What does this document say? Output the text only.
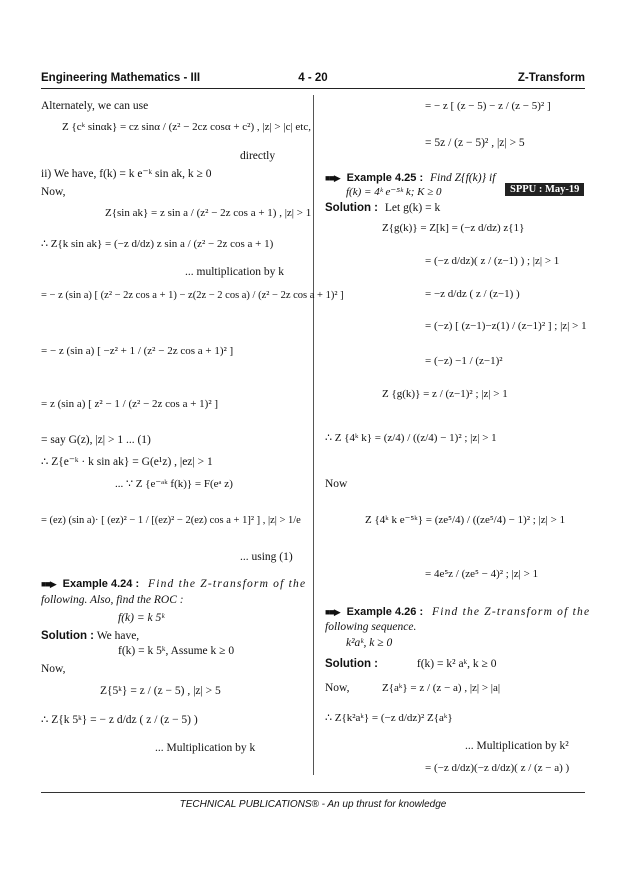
Engineering Mathematics - III	4 - 20	Z-Transform
Alternately, we can use
Z {cᵏ sinαk} = cz sinα / (z² − 2cz cosα + c²) , |z| > |c| etc,
directly
ii) We have, f(k) = k e⁻ᵏ sin ak, k ≥ 0
Now,
Z{sin ak} = z sin a / (z² − 2z cos a + 1) , |z| > 1
∴ Z{k sin ak} = (−z d/dz) z sin a / (z² − 2z cos a + 1)
... multiplication by k
= − z (sin a) [ (z² − 2z cos a + 1) − z(2z − 2 cos a) / (z² − 2z cos a + 1)² ]
= − z (sin a) [ −z² + 1 / (z² − 2z cos a + 1)² ]
= z (sin a) [ z² − 1 / (z² − 2z cos a + 1)² ]
= say G(z), |z| > 1 ... (1)
∴ Z{e⁻ᵏ · k sin ak} = G(e¹z) , |ez| > 1
... ∵ Z {e⁻ᵃᵏ f(k)} = F(eᵃ z)
= (ez) (sin a)· [ (ez)² − 1 / [(ez)² − 2(ez) cos a + 1]² ] , |z| > 1/e
... using (1)
■■▶ Example 4.24 : Find the Z-transform of the
following. Also, find the ROC :
f(k) = k 5ᵏ
Solution : We have,
f(k) = k 5ᵏ, Assume k ≥ 0
Now,
Z{5ᵏ} = z / (z − 5) , |z| > 5
∴ Z{k 5ᵏ} = − z d/dz ( z / (z − 5) )
... Multiplication by k
= − z [ (z − 5) − z / (z − 5)² ]
= 5z / (z − 5)² , |z| > 5
■■▶ Example 4.25 : Find Z{f(k)} if
f(k) = 4ᵏ e⁻⁵ᵏ k; K ≥ 0	SPPU : May-19
Solution : Let g(k) = k
Z{g(k)} = Z[k] = (−z d/dz) z{1}
= (−z d/dz)( z / (z−1) ) ; |z| > 1
= −z d/dz ( z / (z−1) )
= (−z) [ (z−1)−z(1) / (z−1)² ] ; |z| > 1
= (−z) −1 / (z−1)²
Z {g(k)} = z / (z−1)² ; |z| > 1
∴ Z {4ᵏ k} = (z/4) / ((z/4) − 1)² ; |z| > 1
Now
Z {4ᵏ k e⁻⁵ᵏ} = (ze⁵/4) / ((ze⁵/4) − 1)² ; |z| > 1
= 4e⁵z / (ze⁵ − 4)² ; |z| > 1
■■▶ Example 4.26 : Find the Z-transform of the
following sequence.
k²aᵏ, k ≥ 0
Solution :	f(k) = k² aᵏ, k ≥ 0
Now,	Z{aᵏ} = z / (z − a) , |z| > |a|
∴ Z{k²aᵏ} = (−z d/dz)² Z{aᵏ}
... Multiplication by k²
= (−z d/dz)(−z d/dz)( z / (z − a) )
TECHNICAL PUBLICATIONS® - An up thrust for knowledge
